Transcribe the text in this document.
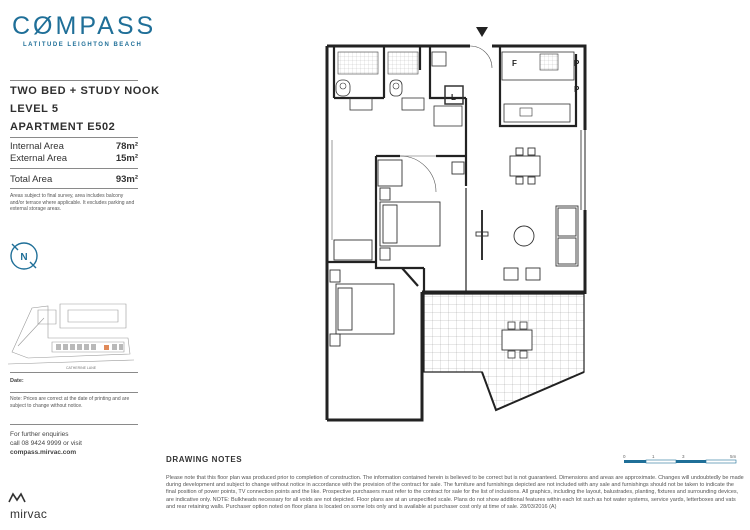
CØMPASS
LATITUDE LEIGHTON BEACH
TWO BED + STUDY NOOK
LEVEL 5
APARTMENT E502
Internal Area	78m²
External Area	15m²
Total Area	93m²
Areas subject to final survey, area includes balcony and/or terrace where applicable. It excludes parking and external storage areas.
N
CATHERINE LANE
Date:
Note: Prices are correct at the date of printing and are subject to change without notice.
For further enquiries
call 08 9424 9999 or visit
compass.mirvac.com
mirvac
L
F	P
P
DRAWING NOTES
Please note that this floor plan was produced prior to completion of construction. The information contained herein is believed to be correct but is not guaranteed. Dimensions and areas are approximate. Changes will undoubtedly be made during development and subject to change without notice in accordance with the provision of the contract for sale. The furniture and furnishings depicted are not included with any sale and furnishings should not be taken to indicate the final position of power points, TV connection points and the like. Prospective purchasers must refer to the contract for sale for the list of inclusions. All graphics, including the layout, balustrades, planting, fixtures and surrounding devices, are indicative only. NOTE: Bulkheads necessary for all voids are not depicted. Floor plans are at an unspecified scale. Plans do not show additional features within each lot such as hot water systems, service yards, letterboxes and vats and rear retaining walls. Purchaser option noted on floor plans is located on some lots only and is available at purchaser cost only at time of sale. 28/03/2016 (A)
0	1	3	5m
